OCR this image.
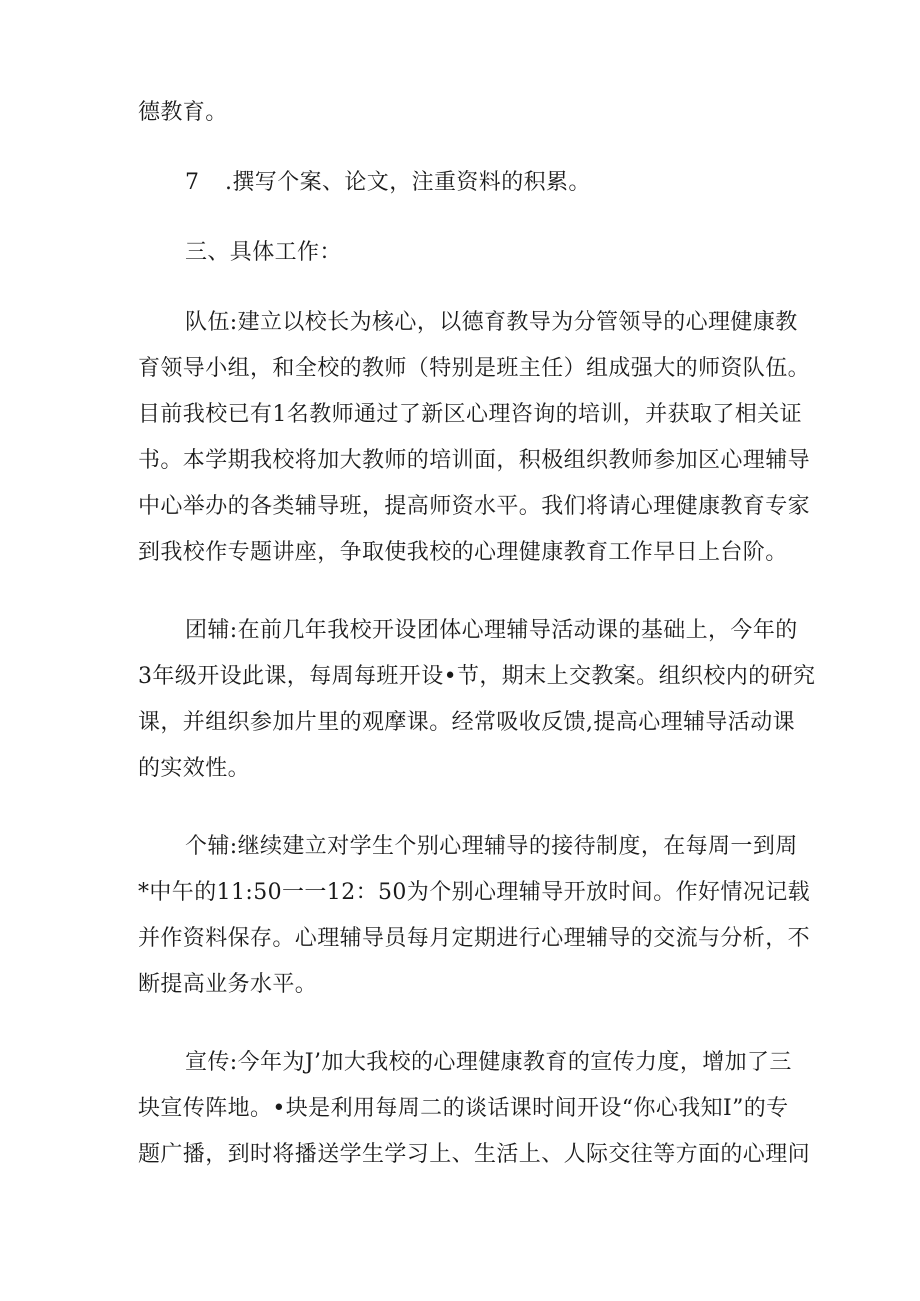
德教育。
7 .撰写个案、论文，注重资料的积累。
三、具体工作：
队伍:建立以校长为核心，以德育教导为分管领导的心理健康教
育领导小组，和全校的教师（特别是班主任）组成强大的师资队伍。
目前我校已有1名教师通过了新区心理咨询的培训，并获取了相关证
书。本学期我校将加大教师的培训面，积极组织教师参加区心理辅导
中心举办的各类辅导班，提高师资水平。我们将请心理健康教育专家
到我校作专题讲座，争取使我校的心理健康教育工作早日上台阶。
团辅:在前几年我校开设团体心理辅导活动课的基础上，今年的
3年级开设此课，每周每班开设•节，期末上交教案。组织校内的研究
课，并组织参加片里的观摩课。经常吸收反馈,提高心理辅导活动课
的实效性。
个辅:继续建立对学生个别心理辅导的接待制度，在每周一到周
*中午的11:50一一12：50为个别心理辅导开放时间。作好情况记载
并作资料保存。心理辅导员每月定期进行心理辅导的交流与分析，不
断提高业务水平。
宣传:今年为J’加大我校的心理健康教育的宣传力度，增加了三
块宣传阵地。•块是利用每周二的谈话课时间开设“你心我知I”的专
题广播，到时将播送学生学习上、生活上、人际交往等方面的心理问
